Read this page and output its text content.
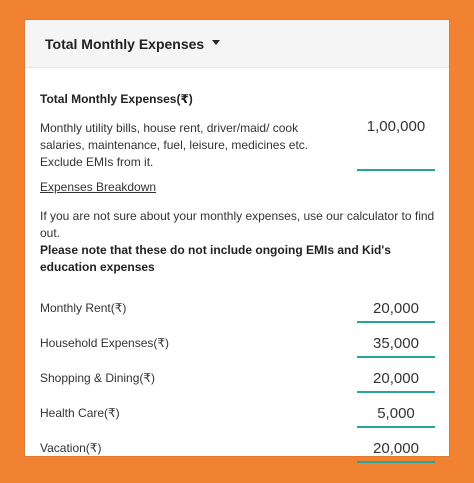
Total Monthly Expenses
Total Monthly Expenses(₹)
Monthly utility bills, house rent, driver/maid/ cook salaries, maintenance, fuel, leisure, medicines etc. Exclude EMIs from it.
1,00,000
Expenses Breakdown
If you are not sure about your monthly expenses, use our calculator to find out.
Please note that these do not include ongoing EMIs and Kid's education expenses
Monthly Rent(₹)	20,000
Household Expenses(₹)	35,000
Shopping & Dining(₹)	20,000
Health Care(₹)	5,000
Vacation(₹)	20,000
